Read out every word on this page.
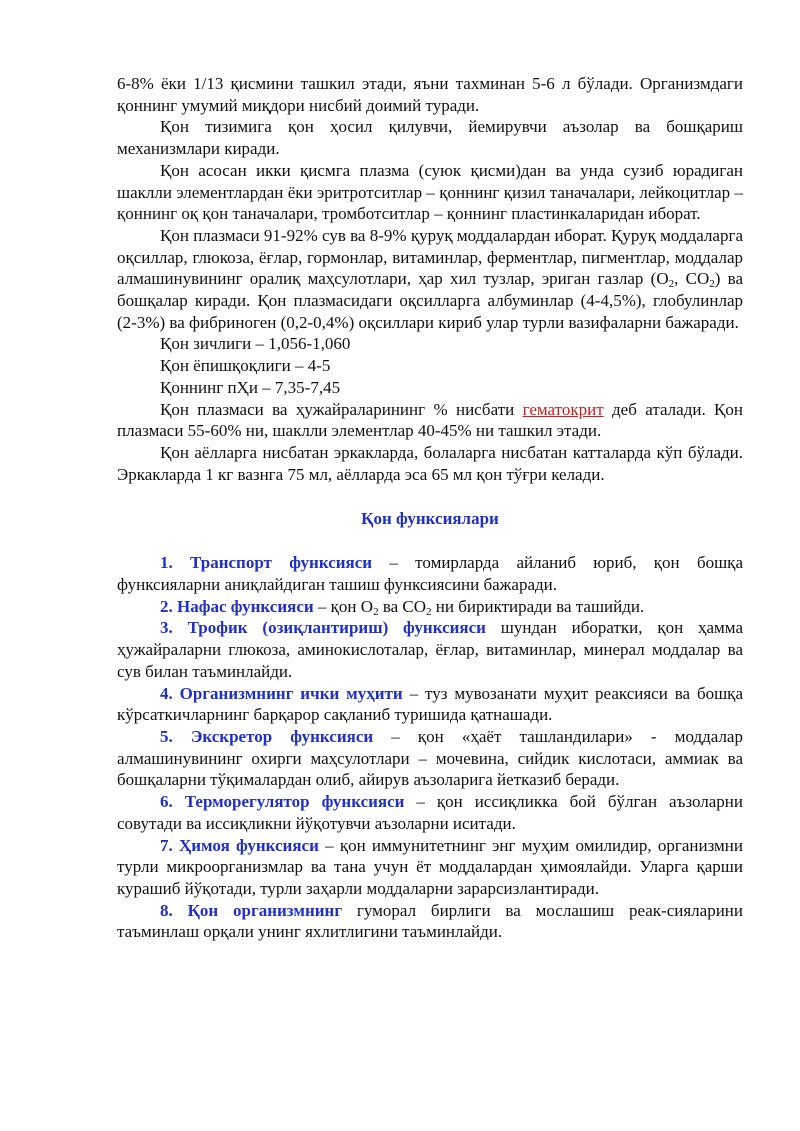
6-8% ёки 1/13 қисмини ташкил этади, яъни тахминан 5-6 л бўлади. Организмдаги қоннинг умумий миқдори нисбий доимий туради.

Қон тизимига қон ҳосил қилувчи, йемирувчи аъзолар ва бошқариш механизмлари киради.

Қон асосан икки қисмга плазма (суюк қисми)дан ва унда сузиб юрадиган шаклли элементлардан ёки эритротситлар – қоннинг қизил таначалари, лейкоцитлар – қоннинг оқ қон таначалари, тромботситлар – қоннинг пластинкаларидан иборат.

Қон плазмаси 91-92% сув ва 8-9% қуруқ моддалардан иборат. Қуруқ моддаларга оқсиллар, глюкоза, ёғлар, гормонлар, витаминлар, ферментлар, пигментлар, моддалар алмашинувининг оралиқ маҳсулотлари, ҳар хил тузлар, эриган газлар ($O_2$, $CO_2$) ва бошқалар киради. Қон плазмасидаги оқсилларга албуминлар (4-4,5%), глобулинлар (2-3%) ва фибриноген (0,2-0,4%) оқсиллари кириб улар турли вазифаларни бажаради.

Қон зичлиги – 1,056-1,060

Қон ёпишқоқлиги – 4-5

Қоннинг пҲи – 7,35-7,45

Қон плазмаси ва ҳужайраларининг % нисбати гематокрит деб аталади. Қон плазмаси 55-60% ни, шаклли элементлар 40-45% ни ташкил этади.

Қон аёлларга нисбатан эркакларда, болаларга нисбатан катталарда кўп бўлади. Эркакларда 1 кг вазнга 75 мл, аёлларда эса 65 мл қон тўғри келади.

Қон функсиялари

1. Транспорт функсияси – томирларда айланиб юриб, қон бошқа функсияларни аниқлайдиган ташиш функсиясини бажаради.

2. Нафас функсияси – қон $O_2$ ва $CO_2$ ни бириктиради ва ташийди.

3. Трофик (озиқлантириш) функсияси шундан иборатки, қон ҳамма ҳужайраларни глюкоза, аминокислоталар, ёғлар, витаминлар, минерал моддалар ва сув билан таъминлайди.

4. Организмнинг ички муҳити – туз мувозанати муҳит реаксияси ва бошқа кўрсаткичларнинг барқарор сақланиб туришида қатнашади.

5. Экскретор функсияси – қон «ҳаёт ташландилари» - моддалар алмашинувининг охирги маҳсулотлари – мочевина, сийдик кислотаси, аммиак ва бошқаларни тўқималардан олиб, айирув аъзоларига йетказиб беради.

6. Терморегулятор функсияси – қон иссиқликка бой бўлган аъзоларни совутади ва иссиқликни йўқотувчи аъзоларни иситади.

7. Ҳимоя функсияси – қон иммунитетнинг энг муҳим омилидир, организмни турли микроорганизмлар ва тана учун ёт моддалардан ҳимоялайди. Уларга қарши курашиб йўқотади, турли заҳарли моддаларни зарарсизлантиради.

8. Қон организмнинг гуморал бирлиги ва мослашиш реак-сияларини таъминлаш орқали унинг яхлитлигини таъминлайди.
